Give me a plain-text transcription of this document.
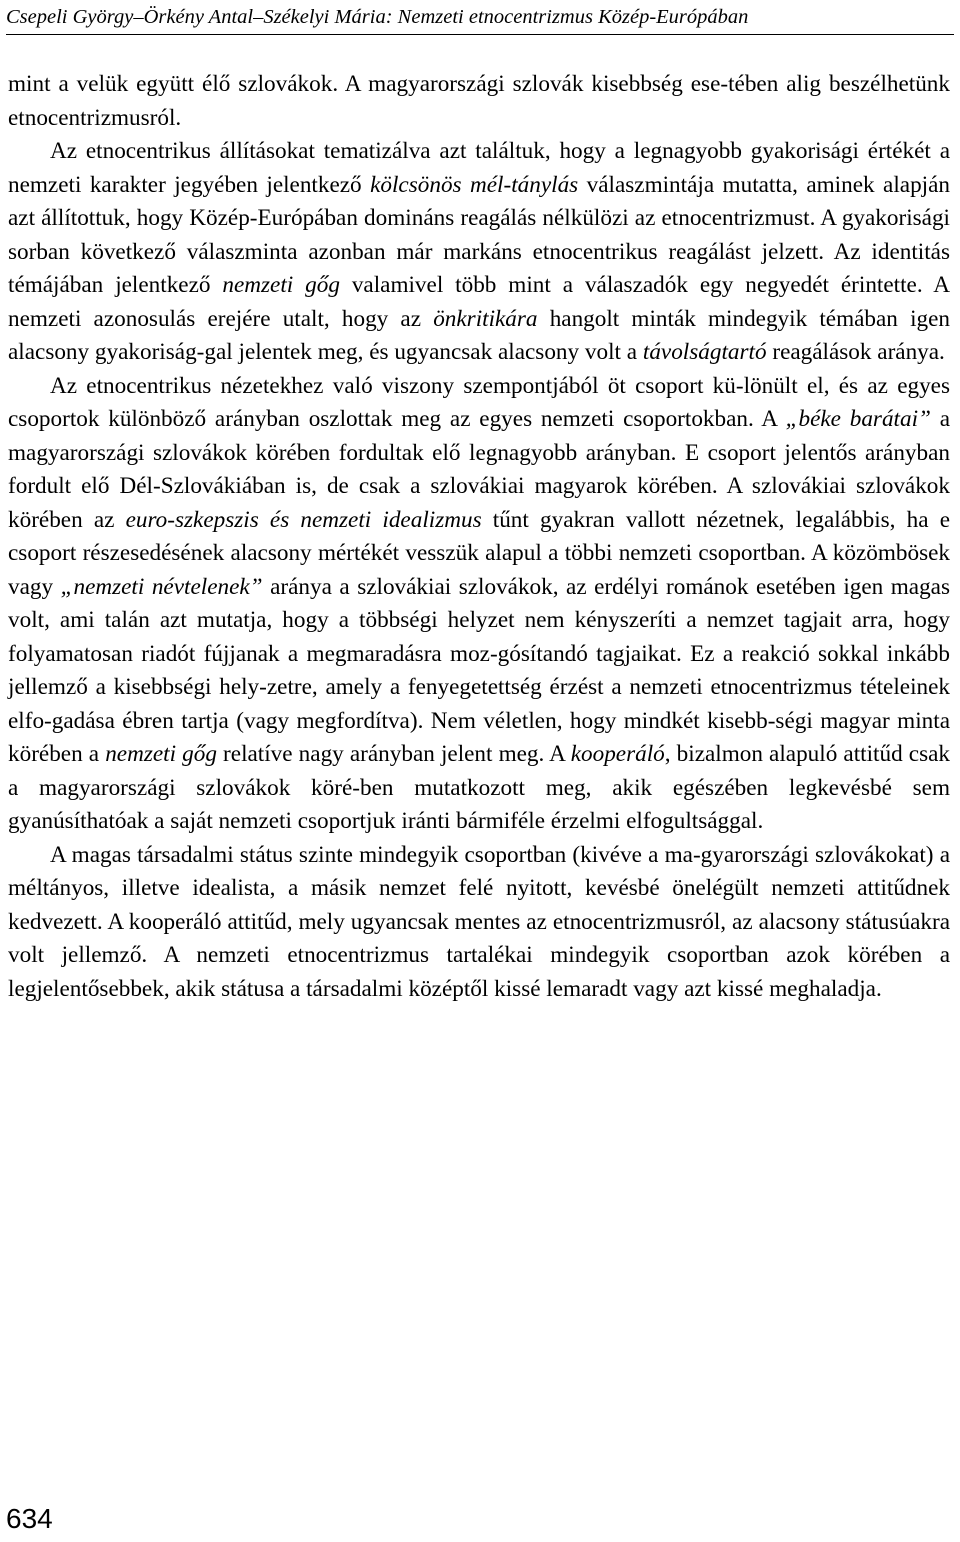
Csepeli György–Örkény Antal–Székelyi Mária: Nemzeti etnocentrizmus Közép-Európában

mint a velük együtt élő szlovákok. A magyarországi szlovák kisebbség ese-tében alig beszélhetünk etnocentrizmusról.

Az etnocentrikus állításokat tematizálva azt találtuk, hogy a legnagyobb gyakorisági értékét a nemzeti karakter jegyében jelentkező kölcsönös mél-tánylás válaszmintája mutatta, aminek alapján azt állítottuk, hogy Közép-Európában domináns reagálás nélkülözi az etnocentrizmust. A gyakorisági sorban következő válaszminta azonban már markáns etnocentrikus reagálást jelzett. Az identitás témájában jelentkező nemzeti gőg valamivel több mint a válaszadók egy negyedét érintette. A nemzeti azonosulás erejére utalt, hogy az önkritikára hangolt minták mindegyik témában igen alacsony gyakoriság-gal jelentek meg, és ugyancsak alacsony volt a távolságtartó reagálások aránya.

Az etnocentrikus nézetekhez való viszony szempontjából öt csoport kü-lönült el, és az egyes csoportok különböző arányban oszlottak meg az egyes nemzeti csoportokban. A „béke barátai” a magyarországi szlovákok körében fordultak elő legnagyobb arányban. E csoport jelentős arányban fordult elő Dél-Szlovákiában is, de csak a szlovákiai magyarok körében. A szlovákiai szlovákok körében az euro-szkepszis és nemzeti idealizmus tűnt gyakran vallott nézetnek, legalábbis, ha e csoport részesedésének alacsony mértékét vesszük alapul a többi nemzeti csoportban. A közömbösek vagy „nemzeti névtelenek” aránya a szlovákiai szlovákok, az erdélyi románok esetében igen magas volt, ami talán azt mutatja, hogy a többségi helyzet nem kényszeríti a nemzet tagjait arra, hogy folyamatosan riadót fújjanak a megmaradásra moz-gósítandó tagjaikat. Ez a reakció sokkal inkább jellemző a kisebbségi hely-zetre, amely a fenyegetettség érzést a nemzeti etnocentrizmus tételeinek elfo-gadása ébren tartja (vagy megfordítva). Nem véletlen, hogy mindkét kisebb-ségi magyar minta körében a nemzeti gőg relatíve nagy arányban jelent meg. A kooperáló, bizalmon alapuló attitűd csak a magyarországi szlovákok köré-ben mutatkozott meg, akik egészében legkevésbé sem gyanúsíthatóak a saját nemzeti csoportjuk iránti bármiféle érzelmi elfogultsággal.

A magas társadalmi státus szinte mindegyik csoportban (kivéve a ma-gyarországi szlovákokat) a méltányos, illetve idealista, a másik nemzet felé nyitott, kevésbé önelégült nemzeti attitűdnek kedvezett. A kooperáló attitűd, mely ugyancsak mentes az etnocentrizmusról, az alacsony státusúakra volt jellemző. A nemzeti etnocentrizmus tartalékai mindegyik csoportban azok körében a legjelentősebbek, akik státusa a társadalmi középtől kissé lemaradt vagy azt kissé meghaladja.

634
